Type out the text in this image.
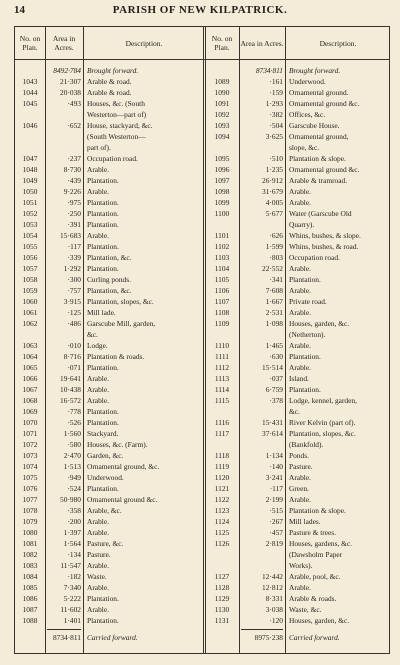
14	PARISH OF NEW KILPATRICK.
No. on Plan.
Area in Acres.	Description.	No. on Plan.	Area in Acres.	Description.
8492·784 Brought forward.
1043	21·307 Arable & road.
1044	20·038 Arable & road.
1045	·493 Houses, &c. (South
Westerton—part of)
1046	·652 House, stackyard, &c.
(South Westerton—
part of).
1047	·237 Occupation road.
1048	8·730 Arable.
1049	·439 Plantation.
1050	9·226 Arable.
1051	·975 Plantation.
1052	·250 Plantation.
1053	·391 Plantation.
1054	15·683 Arable.
1055	·117 Plantation.
1056	·339 Plantation, &c.
1057	1·292 Plantation.
1058	·300 Curling ponds.
1059	·757 Plantation, &c.
1060	3·915 Plantation, slopes, &c.
1061	·125 Mill lade.
1062	·486 Garscube Mill, garden,
&c.
1063	·010 Lodge.
1064	8·716 Plantation & roads.
1065	·071 Plantation.
1066	19·641 Arable.
1067	10·438 Arable.
1068	16·572 Arable.
1069	·778 Plantation.
1070	·526 Plantation.
1071	1·560 Stackyard.
1072	·580 Houses, &c. (Farm).
1073	2·470 Garden, &c.
1074	1·513 Ornamental ground, &c.
1075	·949 Underwood.
1076	·524 Plantation.
1077	50·980 Ornamental ground &c.
1078	·358 Arable, &c.
1079	·200 Arable.
1080	1·397 Arable.
1081	1·564 Pasture, &c.
1082	·134 Pasture.
1083	11·547 Arable.
1084	·182 Waste.
1085	7·340 Arable.
1086	5·222 Plantation.
1087	11·602 Arable.
1088	1·401 Plantation.
8734·811 Brought forward.
1089	·161 Underwood.
1090	·159 Ornamental ground.
1091	1·293 Ornamental ground &c.
1092	·382 Offices, &c.
1093	·504 Garscube House.
1094	3·625 Ornamental ground,
slope, &c.
1095	·510 Plantation & slope.
1096	1·235 Ornamental ground &c.
1097	26·912 Arable & tramroad.
1098	31·679 Arable.
1099	4·005 Arable.
1100	5·677 Water (Garscube Old
Quarry).
1101	·626 Whins, bushes, & slope.
1102	1·599 Whins, bushes, & road.
1103	·803 Occupation road.
1104	22·552 Arable.
1105	·341 Plantation.
1106	7·608 Arable.
1107	1·667 Private road.
1108	2·531 Arable.
1109	1·098 Houses, garden, &c.
(Netherton).
1110	1·465 Arable.
1111	·630 Plantation.
1112	15·514 Arable.
1113	·037 Island.
1114	6·759 Plantation.
1115	·378 Lodge, kennel, garden,
&c.
1116	15·431 River Kelvin (part of).
1117	37·614 Plantation, slopes, &c.
(Bankfold).
1118	1·134 Ponds.
1119	·140 Pasture.
1120	3·241 Arable.
1121	·117 Green.
1122	2·199 Arable.
1123	·515 Plantation & slope.
1124	·267 Mill lades.
1125	·457 Pasture & trees.
1126	2·819 Houses, gardens, &c.
(Dawsholm Paper
Works).
1127	12·442 Arable, pool, &c.
1128	12·812 Arable.
1129	8·331 Arable & roads.
1130	3·038 Waste, &c.
1131	·120 Houses, garden, &c.
8734·811 Carried forward.	8975·238 Carried forward.
